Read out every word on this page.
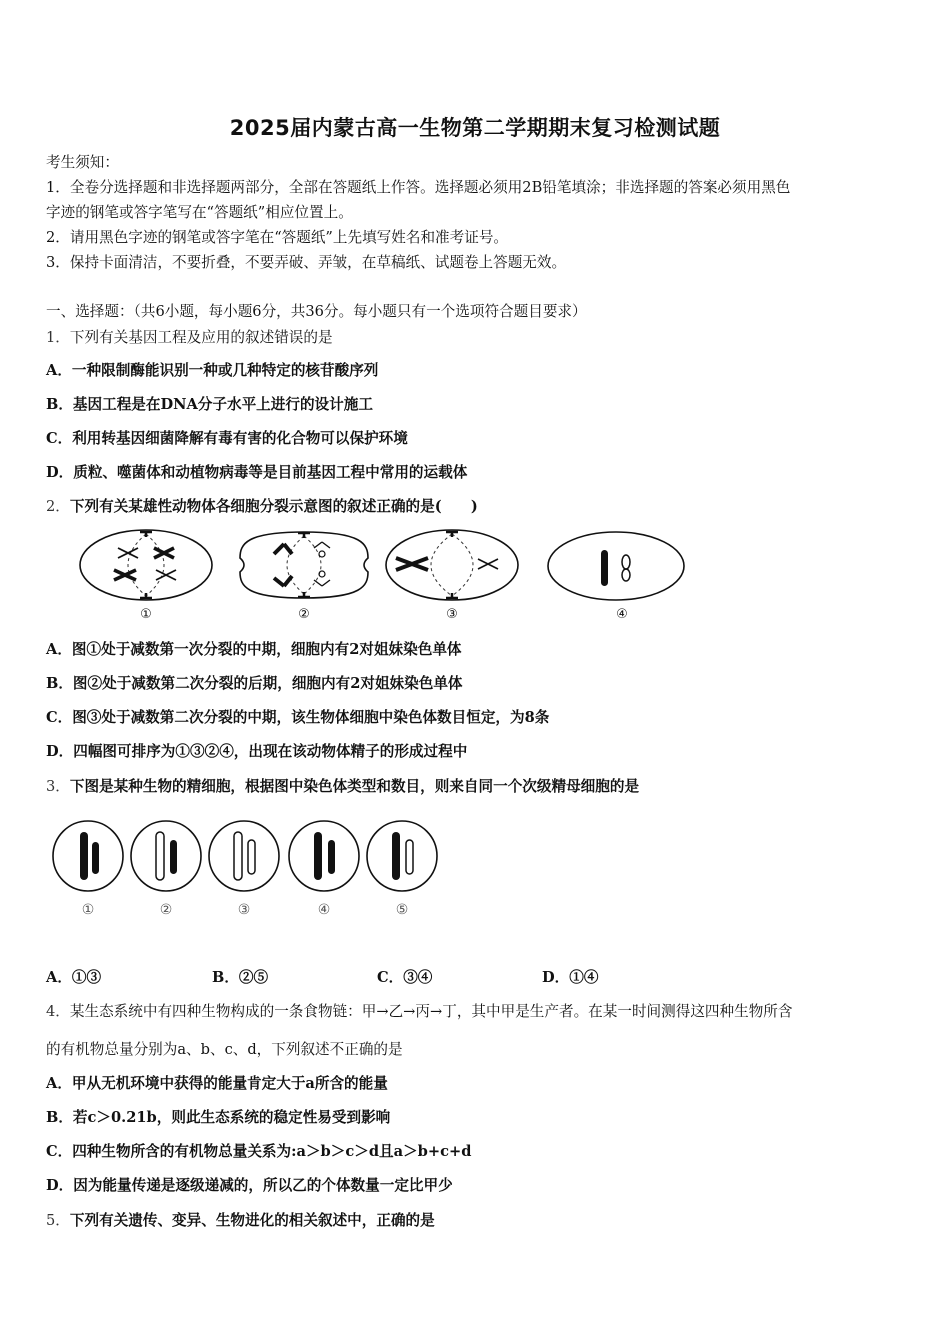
2025届内蒙古高一生物第二学期期末复习检测试题
考生须知：
1．全卷分选择题和非选择题两部分，全部在答题纸上作答。选择题必须用2B铅笔填涂；非选择题的答案必须用黑色
字迹的钢笔或答字笔写在“答题纸”相应位置上。
2．请用黑色字迹的钢笔或答字笔在“答题纸”上先填写姓名和准考证号。
3．保持卡面清洁，不要折叠，不要弄破、弄皱，在草稿纸、试题卷上答题无效。
一、选择题：（共6小题，每小题6分，共36分。每小题只有一个选项符合题目要求）
1．下列有关基因工程及应用的叙述错误的是
A．一种限制酶能识别一种或几种特定的核苷酸序列
B．基因工程是在DNA分子水平上进行的设计施工
C．利用转基因细菌降解有毒有害的化合物可以保护环境
D．质粒、噬菌体和动植物病毒等是目前基因工程中常用的运载体
2．下列有关某雄性动物体各细胞分裂示意图的叙述正确的是(　　)
①	②	③	④
A．图①处于减数第一次分裂的中期，细胞内有2对姐妹染色单体
B．图②处于减数第二次分裂的后期，细胞内有2对姐妹染色单体
C．图③处于减数第二次分裂的中期，该生物体细胞中染色体数目恒定，为8条
D．四幅图可排序为①③②④，出现在该动物体精子的形成过程中
3．下图是某种生物的精细胞，根据图中染色体类型和数目，则来自同一个次级精母细胞的是
①	②	③	④	⑤
A．①③	B．②⑤	C．③④	D．①④
4．某生态系统中有四种生物构成的一条食物链：甲→乙→丙→丁，其中甲是生产者。在某一时间测得这四种生物所含
的有机物总量分别为a、b、c、d，下列叙述不正确的是
A．甲从无机环境中获得的能量肯定大于a所含的能量
B．若c＞0.21b，则此生态系统的稳定性易受到影响
C．四种生物所含的有机物总量关系为:a＞b＞c＞d且a＞b+c+d
D．因为能量传递是逐级递减的，所以乙的个体数量一定比甲少
5．下列有关遗传、变异、生物进化的相关叙述中，正确的是
